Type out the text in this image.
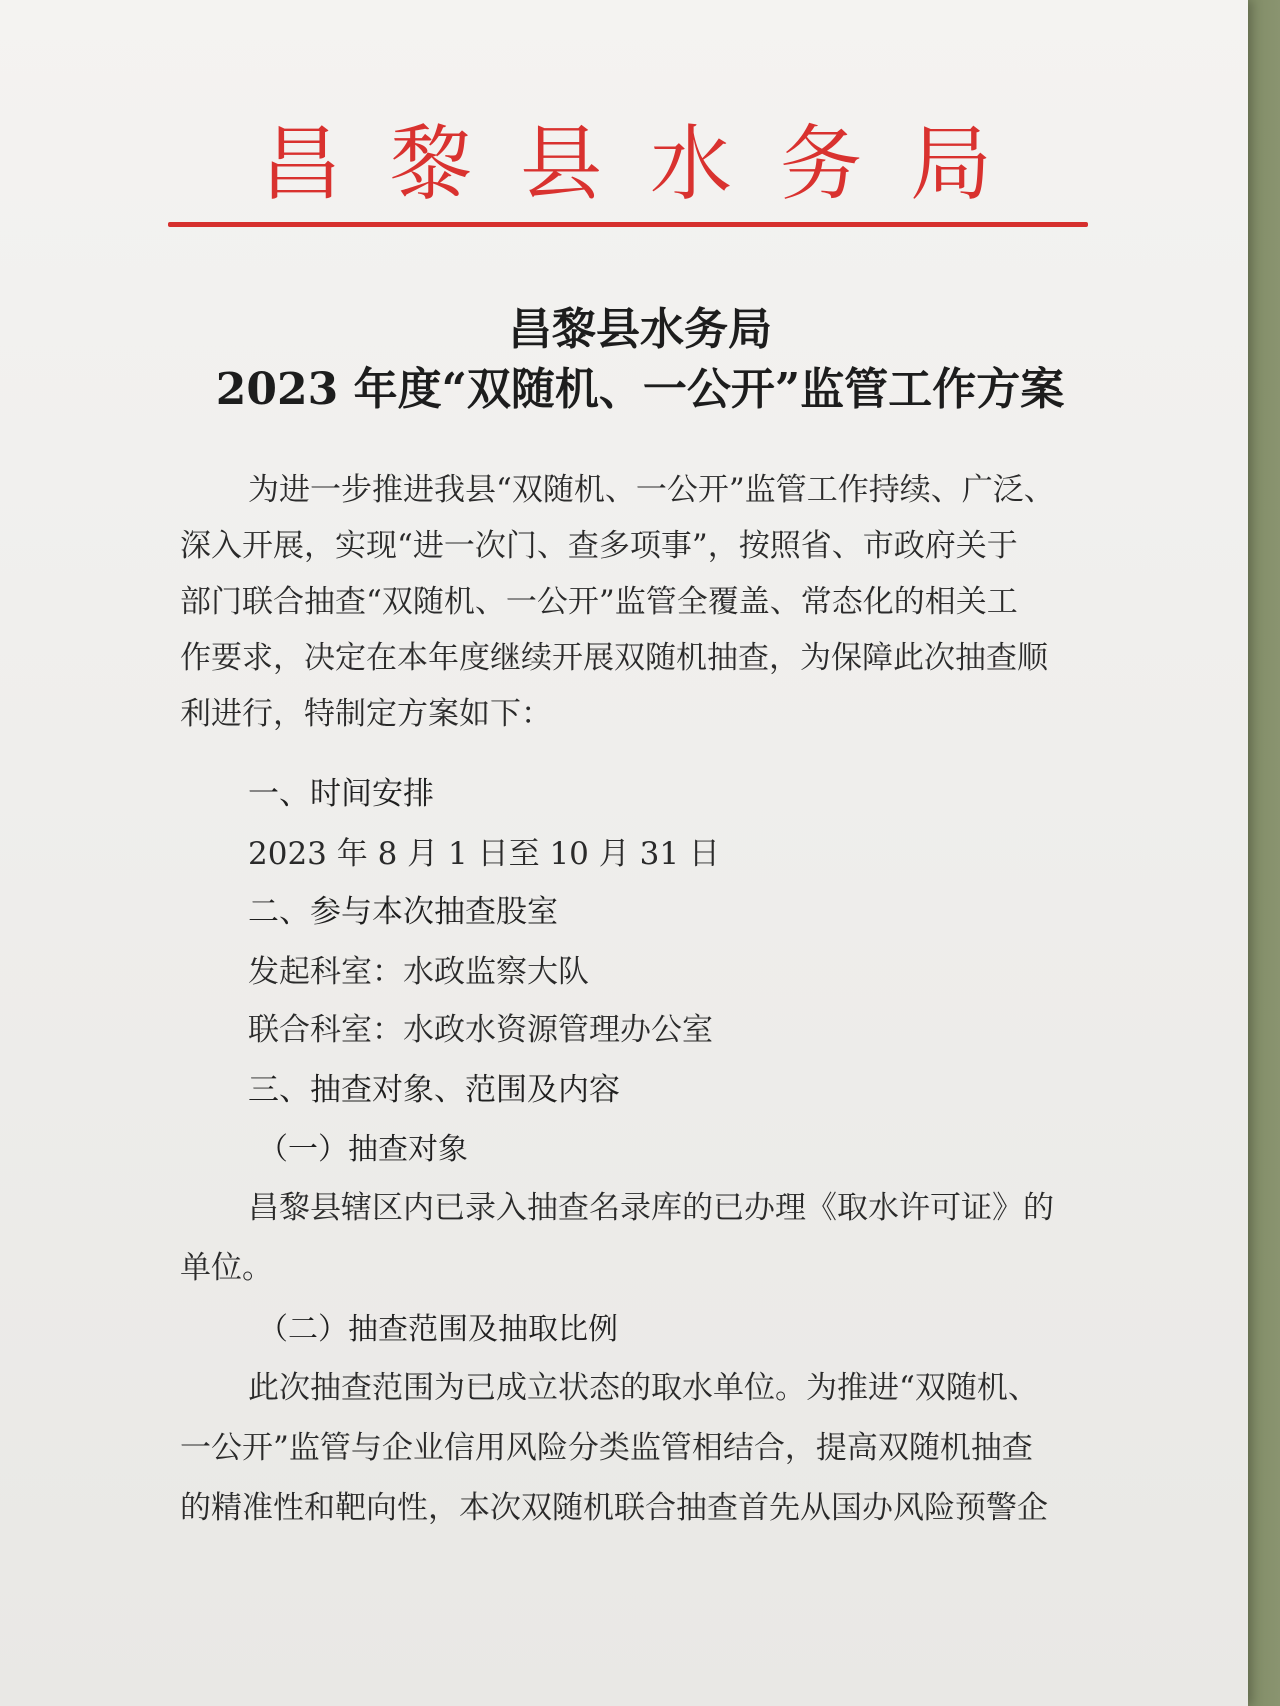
昌黎县水务局
昌黎县水务局
2023 年度“双随机、一公开”监管工作方案
为进一步推进我县“双随机、一公开”监管工作持续、广泛、
深入开展，实现“进一次门、查多项事”，按照省、市政府关于
部门联合抽查“双随机、一公开”监管全覆盖、常态化的相关工
作要求，决定在本年度继续开展双随机抽查，为保障此次抽查顺
利进行，特制定方案如下：
一、时间安排
2023 年 8 月 1 日至 10 月 31 日
二、参与本次抽查股室
发起科室：水政监察大队
联合科室：水政水资源管理办公室
三、抽查对象、范围及内容
（一）抽查对象
昌黎县辖区内已录入抽查名录库的已办理《取水许可证》的
单位。
（二）抽查范围及抽取比例
此次抽查范围为已成立状态的取水单位。为推进“双随机、
一公开”监管与企业信用风险分类监管相结合，提高双随机抽查
的精准性和靶向性，本次双随机联合抽查首先从国办风险预警企
